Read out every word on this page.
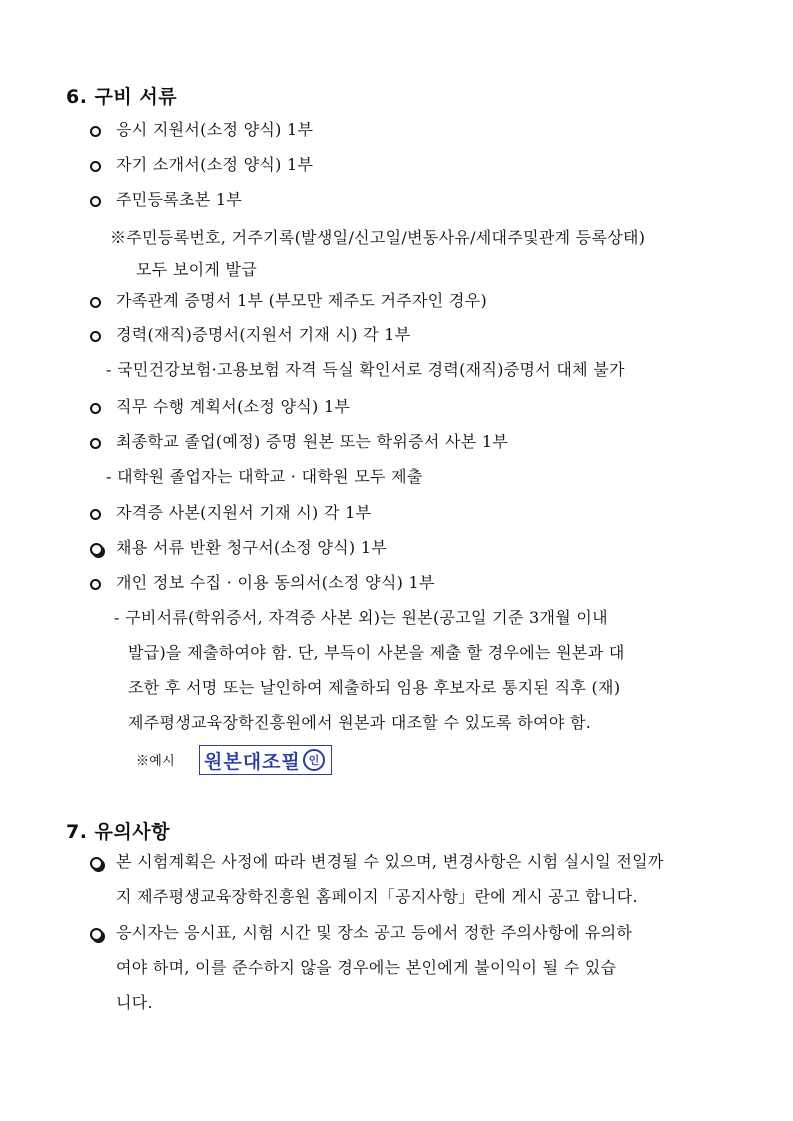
6. 구비 서류
응시 지원서(소정 양식) 1부
자기 소개서(소정 양식) 1부
주민등록초본 1부
※주민등록번호, 거주기록(발생일/신고일/변동사유/세대주및관계 등록상태)
모두 보이게 발급
가족관계 증명서 1부 (부모만 제주도 거주자인 경우)
경력(재직)증명서(지원서 기재 시) 각 1부
- 국민건강보험·고용보험 자격 득실 확인서로 경력(재직)증명서 대체 불가
직무 수행 계획서(소정 양식) 1부
최종학교 졸업(예정) 증명 원본 또는 학위증서 사본 1부
- 대학원 졸업자는 대학교 · 대학원 모두 제출
자격증 사본(지원서 기재 시) 각 1부
채용 서류 반환 청구서(소정 양식) 1부
개인 정보 수집 · 이용 동의서(소정 양식) 1부
- 구비서류(학위증서, 자격증 사본 외)는 원본(공고일 기준 3개월 이내
발급)을 제출하여야 함. 단, 부득이 사본을 제출 할 경우에는 원본과 대
조한 후 서명 또는 날인하여 제출하되 임용 후보자로 통지된 직후 (재)
제주평생교육장학진흥원에서 원본과 대조할 수 있도록 하여야 함.
※예시 원본대조필 인
7. 유의사항
본 시험계획은 사정에 따라 변경될 수 있으며, 변경사항은 시험 실시일 전일까
지 제주평생교육장학진흥원 홈페이지「공지사항」란에 게시 공고 합니다.
응시자는 응시표, 시험 시간 및 장소 공고 등에서 정한 주의사항에 유의하
여야 하며, 이를 준수하지 않을 경우에는 본인에게 불이익이 될 수 있습
니다.
